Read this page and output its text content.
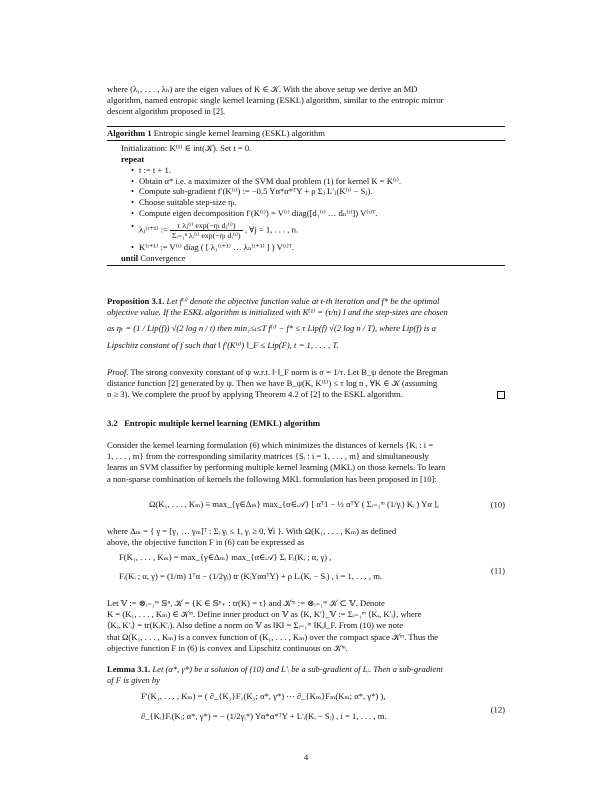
where (λ₁, . . . , λₙ) are the eigen values of K ∈ 𝒦. With the above setup we derive an MD

algorithm, named entropic single kernel learning (ESKL) algorithm, similar to the entropic mirror

descent algorithm proposed in [2].

Algorithm 1 Entropic single kernel learning (ESKL) algorithm
Initialization: K⁽¹⁾ ∈ int(𝒦). Set t = 0.
repeat
• t := t + 1.
• Obtain α* i.e. a maximizer of the SVM dual problem (1) for kernel K = K⁽ᵗ⁾.
• Compute sub-gradient f′(K⁽ᵗ⁾) := −0.5 Yα*α*ᵀY + ρ Σⱼ L′ⱼ(K⁽ᵗ⁾ − Sⱼ).
• Choose suitable step-size ηₜ.
• Compute eigen decomposition f′(K⁽ᵗ⁾) = V⁽ᵗ⁾ diag([d₁⁽ᵗ⁾ … dₙ⁽ᵗ⁾]) V⁽ᵗ⁾ᵀ.
• λⱼ⁽ᵗ⁺¹⁾ := $\frac{\text{τ λⱼ⁽ᵗ⁾ exp(−ηₜ dⱼ⁽ᵗ⁾)}}{\text{Σᵢ₌₁ⁿ λᵢ⁽ᵗ⁾ exp(−ηₜ dᵢ⁽ᵗ⁾)}}$ , ∀j = 1, . . . , n.
• K⁽ᵗ⁺¹⁾ := V⁽ᵗ⁾ diag ( [ λ₁⁽ᵗ⁺¹⁾ … λₙ⁽ᵗ⁺¹⁾ ] ) V⁽ᵗ⁾ᵀ.
until Convergence

Proposition 3.1. Let f⁽ᵗ⁾ denote the objective function value at t-th iteration and f* be the optimal

objective value. If the ESKL algorithm is initialized with K⁽¹⁾ = (τ/n) I and the step-sizes are chosen

as ηₜ = (1 / Lip(f)) √(2 log n / t) then min₁≤ₜ≤T f⁽ᵗ⁾ − f* ≤ τ Lip(f) √(2 log n / T), where Lip(f) is a

Lipschitz constant of f such that ‖ f′(K⁽ᵗ⁾) ‖_F ≤ Lip(F), t = 1, . . . , T.

Proof. The strong convexity constant of ψ w.r.t. ‖·‖_F norm is σ = 1/τ. Let B_ψ denote the Bregman

distance function [2] generated by ψ. Then we have B_ψ(K, K⁽¹⁾) ≤ τ log n , ∀K ∈ 𝒦 (assuming

n ≥ 3). We complete the proof by applying Theorem 4.2 of [2] to the ESKL algorithm.

3.2 Entropic multiple kernel learning (EMKL) algorithm

Consider the kernel learning formulation (6) which minimizes the distances of kernels {Kᵢ : i =

1, . . . , m} from the corresponding similarity matrices {Sᵢ : i = 1, . . . , m} and simultaneously

learns an SVM classifier by performing multiple kernel learning (MKL) on those kernels. To learn

a non-sparse combination of kernels the following MKL formulation has been proposed in [10]:

Ω(K₁, . . . , Kₘ) ≡ max_{γ∈Δₘ} max_{α∈𝒜} [ αᵀ1 − ½ αᵀY ( Σᵢ₌₁ᵐ (1/γᵢ) Kᵢ ) Yα ],	(10)

where Δₘ = { γ = [γ₁ … γₘ]ᵀ : Σᵢ γᵢ ≤ 1, γᵢ ≥ 0, ∀i }. With Ω(K₁, . . . , Kₘ) as defined

above, the objective function F in (6) can be expressed as

F(K₁, . . . , Kₘ) = max_{γ∈Δₘ} max_{α∈𝒜} Σᵢ Fᵢ(Kᵢ ; α, γ) ,
Fᵢ(Kᵢ ; α, γ) = (1/m) 1ᵀα − (1/2γᵢ) tr (KᵢYααᵀY) + ρ Lᵢ(Kᵢ − Sᵢ) , i = 1, . . . , m.
(11)

Let 𝕍 := ⊗ᵢ₌₁ᵐ 𝕊ⁿ, 𝒦 = {K ∈ 𝕊ⁿ₊ : tr(K) = τ} and 𝒦ᵐ := ⊗ᵢ₌₁ᵐ 𝒦 ⊂ 𝕍. Denote

K = (K₁, . . . , Kₘ) ∈ 𝒦ᵐ. Define inner product on 𝕍 as ⟨K, K′⟩_𝕍 := Σᵢ₌₁ᵐ ⟨Kᵢ, K′ᵢ⟩, where

⟨Kᵢ, K′ᵢ⟩ = tr(KᵢK′ᵢ). Also define a norm on 𝕍 as ‖K‖ = Σᵢ₌₁ᵐ ‖Kᵢ‖_F. From (10) we note

that Ω(K₁, . . . , Kₘ) is a convex function of (K₁, . . . , Kₘ) over the compact space 𝒦ᵐ. Thus the

objective function F in (6) is convex and Lipschitz continuous on 𝒦ᵐ.

Lemma 3.1. Let (α*, γ*) be a solution of (10) and L′ᵢ be a sub-gradient of Lᵢ. Then a sub-gradient

of F is given by

F′(K₁, . . . , Kₘ) = ( ∂_{K₁}F₁(K₁; α*, γ*) ⋯ ∂_{Kₘ}Fₘ(Kₘ; α*, γ*) ),
∂_{Kᵢ}Fᵢ(Kᵢ; α*, γ*) = − (1/2γᵢ*) Yα*α*ᵀY + L′ᵢ(Kᵢ − Sᵢ) , i = 1, . . . , m.
(12)
4
